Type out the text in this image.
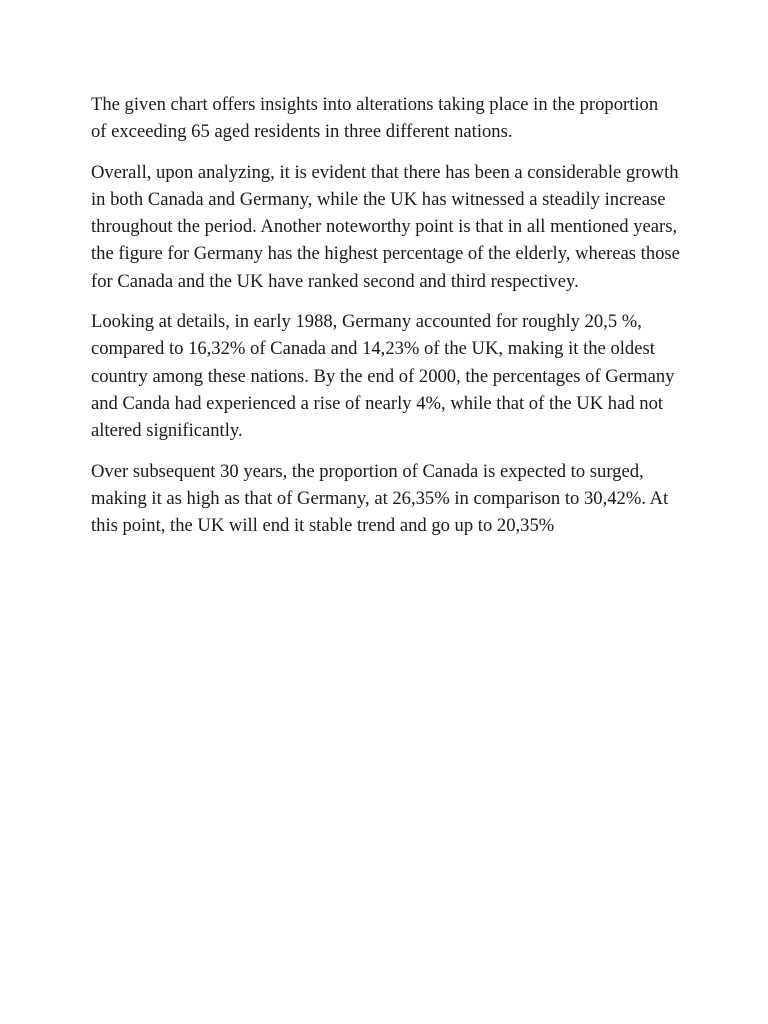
The given chart offers insights into alterations taking place in the proportion  of exceeding 65 aged residents in three different nations.

Overall, upon analyzing, it is evident that there has been a considerable growth in both Canada and Germany, while the UK has witnessed a steadily increase throughout the period. Another noteworthy point is that in all mentioned years, the figure for Germany has the highest percentage of the elderly, whereas those for Canada and the UK have ranked second and third respectivey.

Looking at details, in early 1988, Germany accounted for roughly 20,5 %, compared to 16,32% of Canada and 14,23% of the UK, making it the oldest country among these nations. By the end of 2000, the percentages of Germany and Canda had experienced a rise of nearly 4%, while that of the UK had not altered significantly.

Over subsequent 30 years, the proportion of Canada is expected to surged, making it as high as that of Germany, at 26,35% in comparison to 30,42%. At this point, the UK will end it stable trend and go up to 20,35%
